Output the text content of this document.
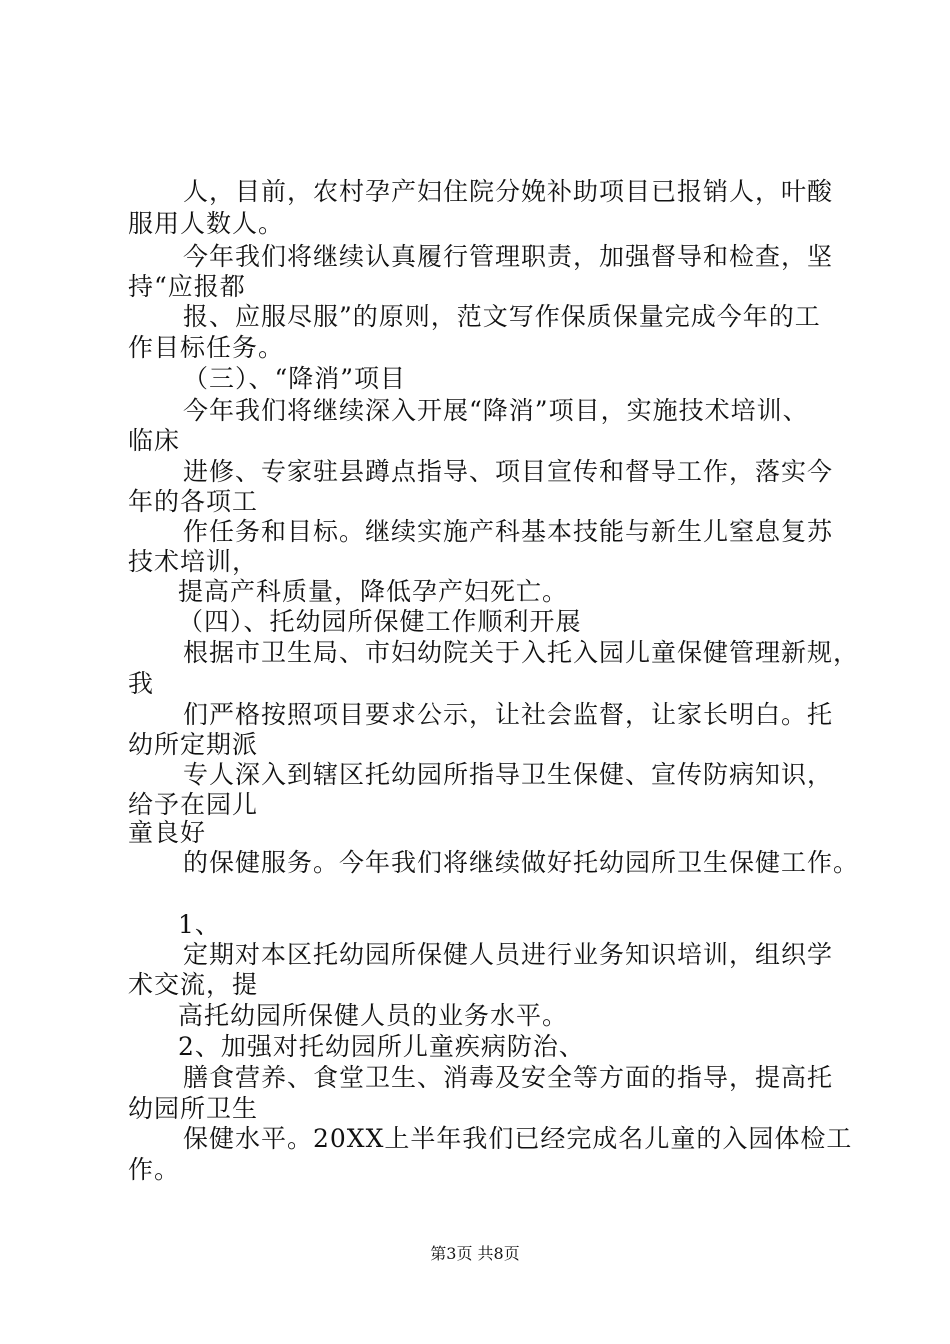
人，目前，农村孕产妇住院分娩补助项目已报销人，叶酸
服用人数人。
今年我们将继续认真履行管理职责，加强督导和检查，坚
持“应报都
报、应服尽服”的原则，范文写作保质保量完成今年的工
作目标任务。
（三）、“降消”项目
今年我们将继续深入开展“降消”项目，实施技术培训、
临床
进修、专家驻县蹲点指导、项目宣传和督导工作，落实今
年的各项工
作任务和目标。继续实施产科基本技能与新生儿窒息复苏
技术培训，
提高产科质量，降低孕产妇死亡。
（四）、托幼园所保健工作顺利开展
根据市卫生局、市妇幼院关于入托入园儿童保健管理新规，
我
们严格按照项目要求公示，让社会监督，让家长明白。托
幼所定期派
专人深入到辖区托幼园所指导卫生保健、宣传防病知识，
给予在园儿
童良好
的保健服务。今年我们将继续做好托幼园所卫生保健工作。
1、
定期对本区托幼园所保健人员进行业务知识培训，组织学
术交流，提
高托幼园所保健人员的业务水平。
2、加强对托幼园所儿童疾病防治、
膳食营养、食堂卫生、消毒及安全等方面的指导，提高托
幼园所卫生
保健水平。20XX上半年我们已经完成名儿童的入园体检工
作。
第3页 共8页
